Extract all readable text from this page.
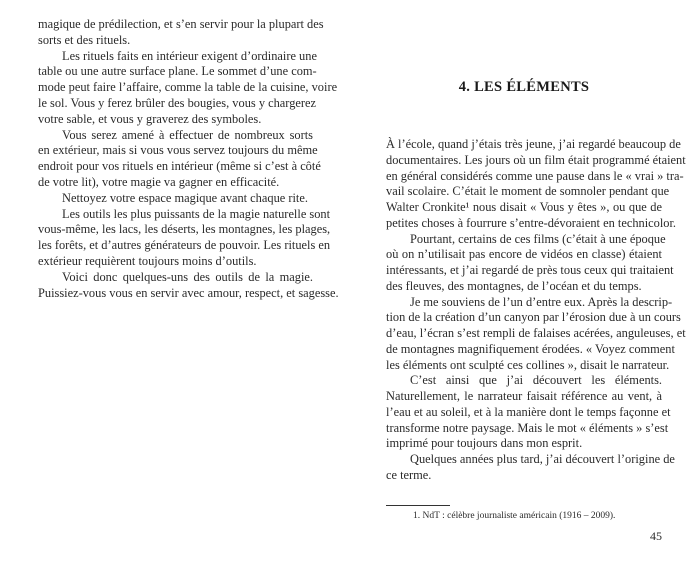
magique de prédilection, et s’en servir pour la plupart des
sorts et des rituels.
Les rituels faits en intérieur exigent d’ordinaire une
table ou une autre surface plane. Le sommet d’une com-
mode peut faire l’affaire, comme la table de la cuisine, voire
le sol. Vous y ferez brûler des bougies, vous y chargerez
votre sable, et vous y graverez des symboles.
Vous serez amené à effectuer de nombreux sorts
en extérieur, mais si vous vous servez toujours du même
endroit pour vos rituels en intérieur (même si c’est à côté
de votre lit), votre magie va gagner en efficacité.
Nettoyez votre espace magique avant chaque rite.
Les outils les plus puissants de la magie naturelle sont
vous-même, les lacs, les déserts, les montagnes, les plages,
les forêts, et d’autres générateurs de pouvoir. Les rituels en
extérieur requièrent toujours moins d’outils.
Voici donc quelques-uns des outils de la magie.
Puissiez-vous vous en servir avec amour, respect, et sagesse.
4. LES ÉLÉMENTS
1. NdT : célèbre journaliste américain (1916 – 2009).
45
À l’école, quand j’étais très jeune, j’ai regardé beaucoup de
documentaires. Les jours où un film était programmé étaient
en général considérés comme une pause dans le « vrai » tra-
vail scolaire. C’était le moment de somnoler pendant que
Walter Cronkite¹ nous disait « Vous y êtes », ou que de
petites choses à fourrure s’entre-dévoraient en technicolor.
Pourtant, certains de ces films (c’était à une époque
où on n’utilisait pas encore de vidéos en classe) étaient
intéressants, et j’ai regardé de près tous ceux qui traitaient
des fleuves, des montagnes, de l’océan et du temps.
Je me souviens de l’un d’entre eux. Après la descrip-
tion de la création d’un canyon par l’érosion due à un cours
d’eau, l’écran s’est rempli de falaises acérées, anguleuses, et
de montagnes magnifiquement érodées. « Voyez comment
les éléments ont sculpté ces collines », disait le narrateur.
C’est ainsi que j’ai découvert les éléments.
Naturellement, le narrateur faisait référence au vent, à
l’eau et au soleil, et à la manière dont le temps façonne et
transforme notre paysage. Mais le mot « éléments » s’est
imprimé pour toujours dans mon esprit.
Quelques années plus tard, j’ai découvert l’origine de
ce terme.
